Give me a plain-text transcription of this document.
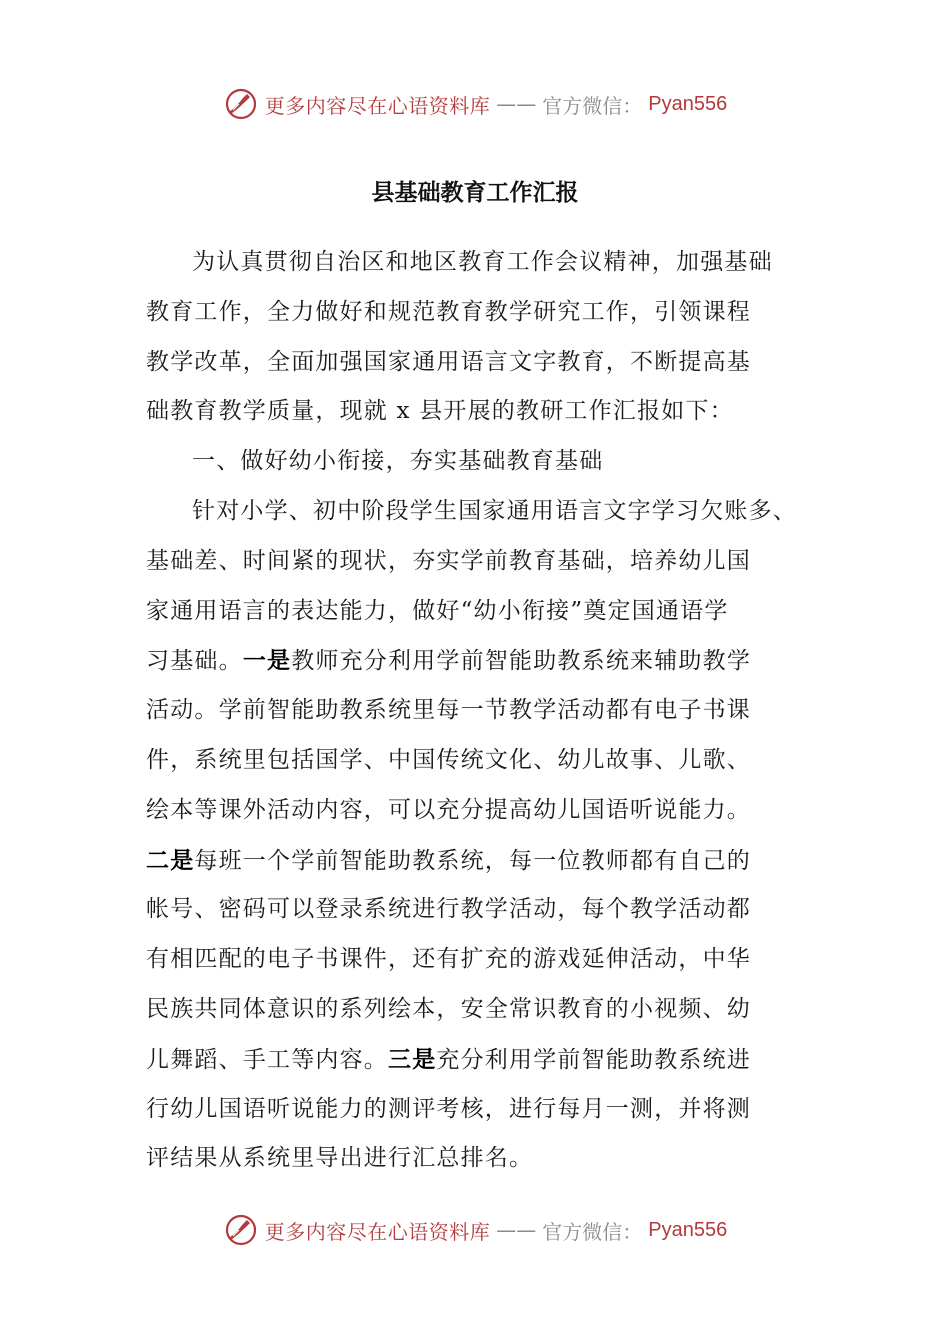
更多内容尽在心语资料库 —— 官方微信： Pyan556
县基础教育工作汇报
为认真贯彻自治区和地区教育工作会议精神，加强基础
教育工作，全力做好和规范教育教学研究工作，引领课程
教学改革，全面加强国家通用语言文字教育，不断提高基
础教育教学质量，现就 x 县开展的教研工作汇报如下：
一、做好幼小衔接，夯实基础教育基础
针对小学、初中阶段学生国家通用语言文字学习欠账多、
基础差、时间紧的现状，夯实学前教育基础，培养幼儿国
家通用语言的表达能力，做好“幼小衔接”奠定国通语学
习基础。一是教师充分利用学前智能助教系统来辅助教学
活动。学前智能助教系统里每一节教学活动都有电子书课
件，系统里包括国学、中国传统文化、幼儿故事、儿歌、
绘本等课外活动内容，可以充分提高幼儿国语听说能力。
二是每班一个学前智能助教系统，每一位教师都有自己的
帐号、密码可以登录系统进行教学活动，每个教学活动都
有相匹配的电子书课件，还有扩充的游戏延伸活动，中华
民族共同体意识的系列绘本，安全常识教育的小视频、幼
儿舞蹈、手工等内容。三是充分利用学前智能助教系统进
行幼儿国语听说能力的测评考核，进行每月一测，并将测
评结果从系统里导出进行汇总排名。
更多内容尽在心语资料库 —— 官方微信： Pyan556
